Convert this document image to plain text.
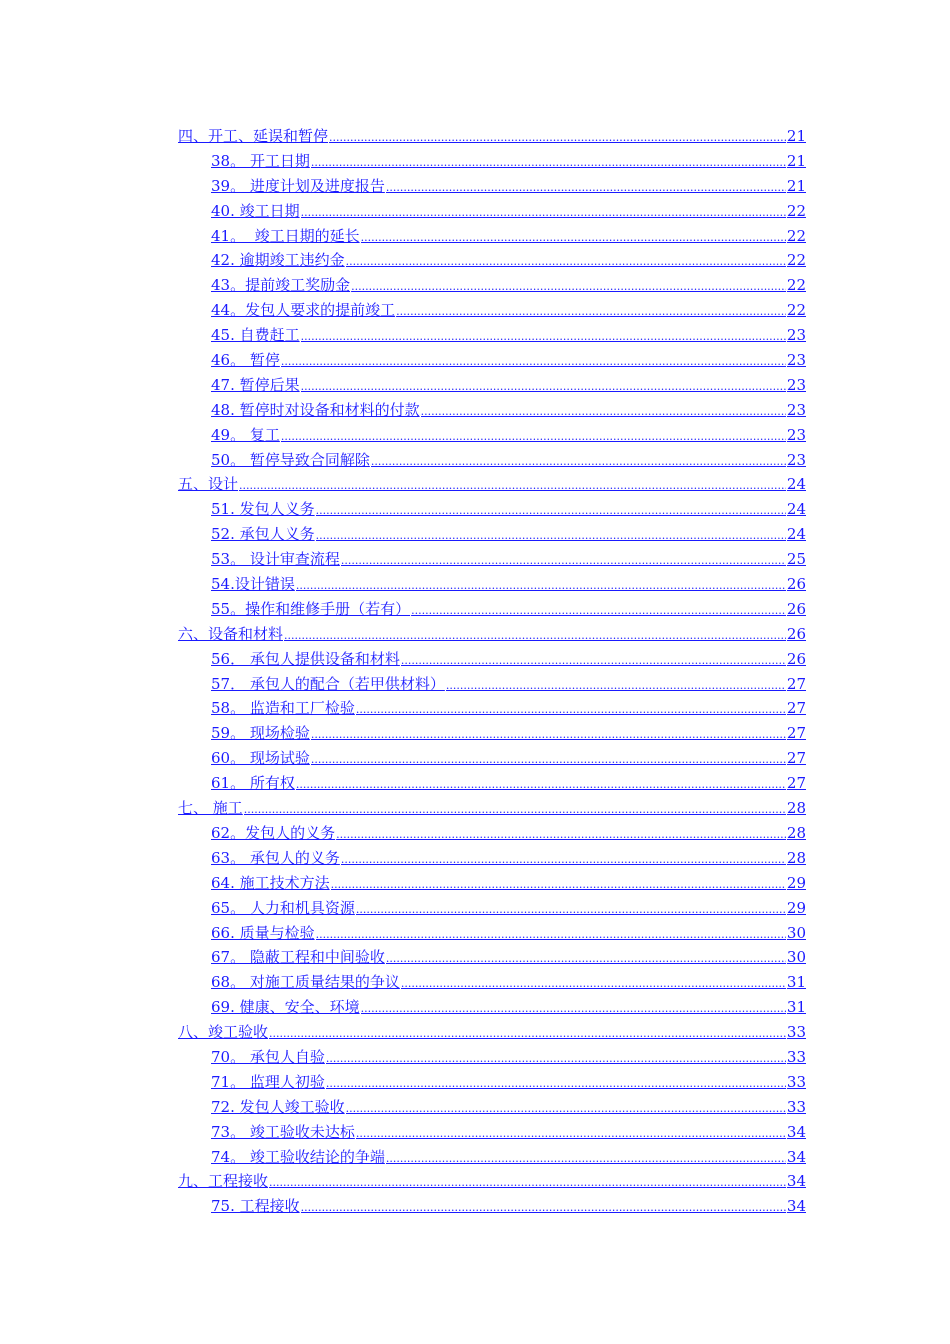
四、开工、延误和暂停 .....	21
38。 开工日期 .....	21
39。 进度计划及进度报告 .....	21
40. 竣工日期 .....	22
41。  竣工日期的延长 .....	22
42. 逾期竣工违约金 .....	22
43。提前竣工奖励金 .....	22
44。发包人要求的提前竣工 .....	22
45. 自费赶工 .....	23
46。 暂停 .....	23
47. 暂停后果 .....	23
48. 暂停时对设备和材料的付款 .....	23
49。 复工 .....	23
50。 暂停导致合同解除 .....	23
五、设计 .....	24
51. 发包人义务 .....	24
52. 承包人义务 .....	24
53。 设计审查流程 .....	25
54.设计错误 .....	26
55。操作和维修手册（若有） .....	26
六、设备和材料 .....	26
56． 承包人提供设备和材料 .....	26
57． 承包人的配合（若甲供材料） .....	27
58。 监造和工厂检验 .....	27
59。 现场检验 .....	27
60。 现场试验 .....	27
61。 所有权 .....	27
七、 施工 .....	28
62。发包人的义务 .....	28
63。 承包人的义务 .....	28
64. 施工技术方法 .....	29
65。 人力和机具资源 .....	29
66. 质量与检验 .....	30
67。 隐蔽工程和中间验收 .....	30
68。 对施工质量结果的争议 .....	31
69. 健康、安全、环境 .....	31
八、竣工验收 .....	33
70。 承包人自验 .....	33
71。 监理人初验 .....	33
72. 发包人竣工验收 .....	33
73。 竣工验收未达标 .....	34
74。 竣工验收结论的争端 .....	34
九、工程接收 .....	34
75. 工程接收 .....	34
